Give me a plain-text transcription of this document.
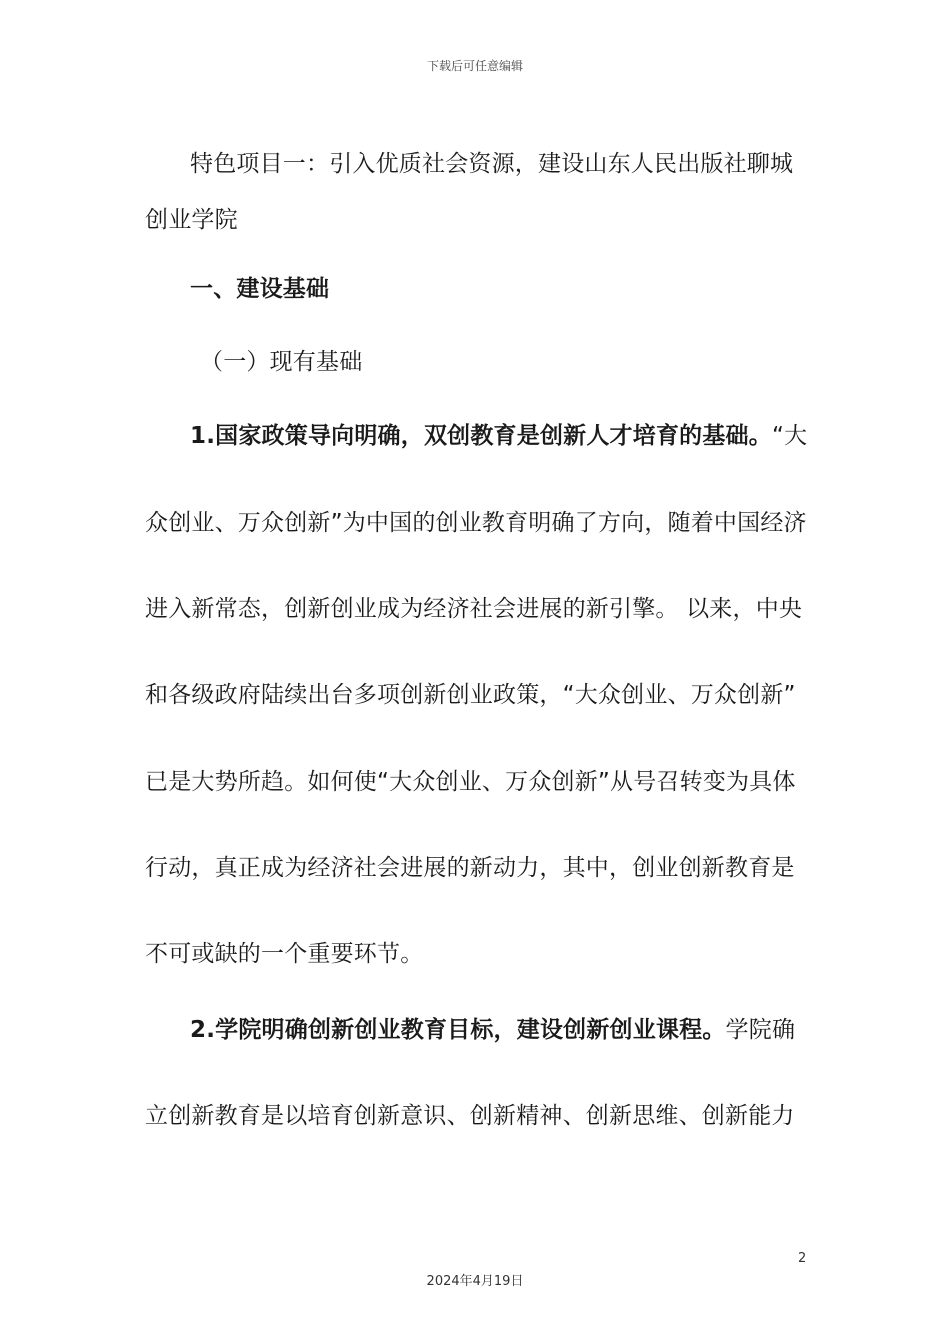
下载后可任意编辑
特色项目一：引入优质社会资源，建设山东人民出版社聊城
创业学院
一、建设基础
（一）现有基础
1.国家政策导向明确，双创教育是创新人才培育的基础。“大
众创业、万众创新”为中国的创业教育明确了方向，随着中国经济
进入新常态，创新创业成为经济社会进展的新引擎。 以来，中央
和各级政府陆续出台多项创新创业政策，“大众创业、万众创新”
已是大势所趋。如何使“大众创业、万众创新”从号召转变为具体
行动，真正成为经济社会进展的新动力，其中，创业创新教育是
不可或缺的一个重要环节。
2.学院明确创新创业教育目标，建设创新创业课程。学院确
立创新教育是以培育创新意识、创新精神、创新思维、创新能力
2
2024年4月19日
